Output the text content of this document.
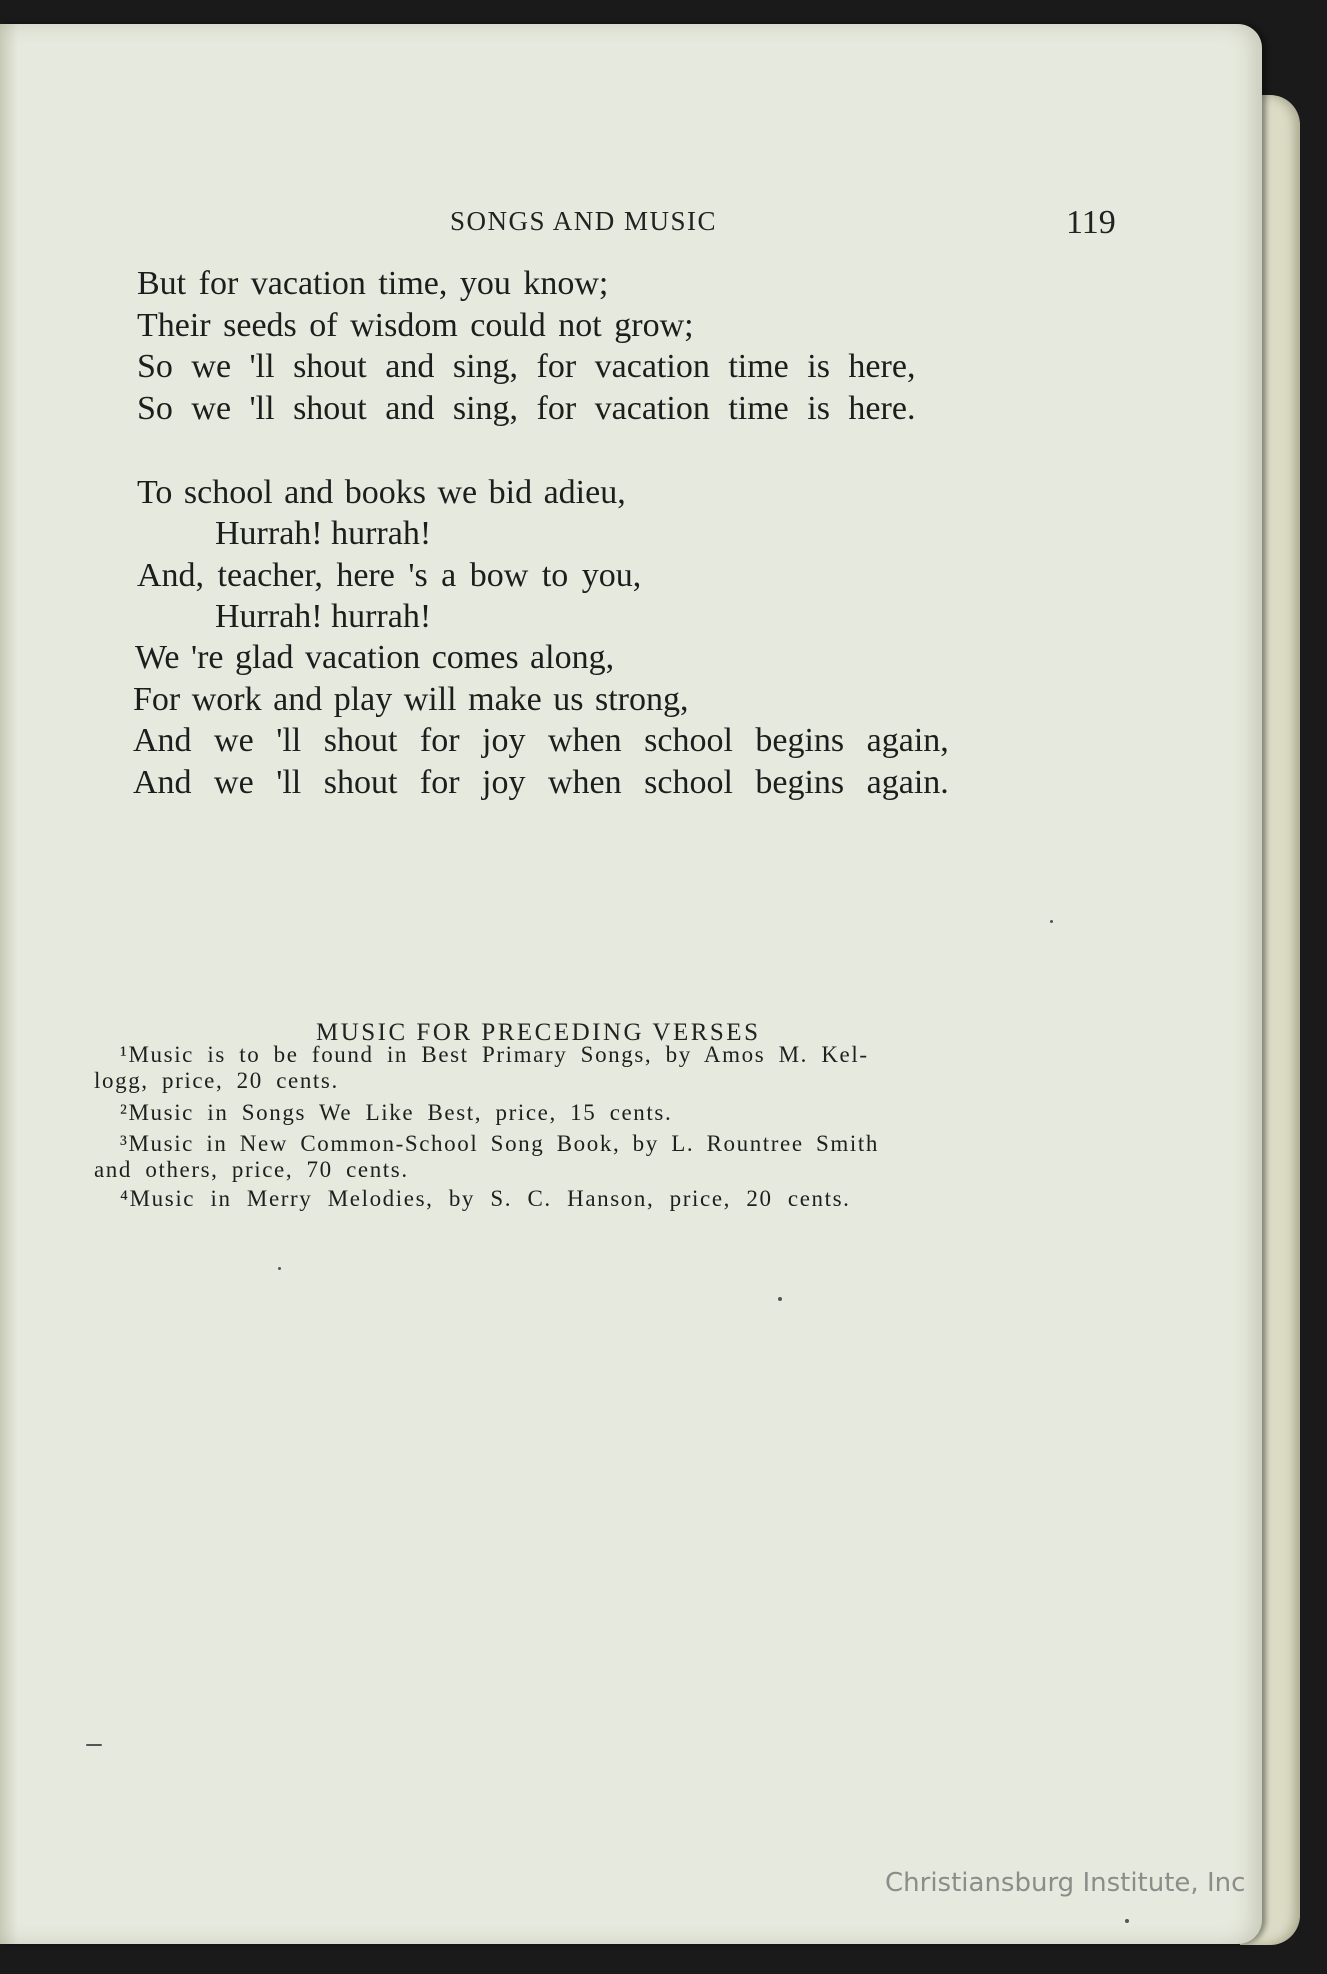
SONGS AND MUSIC	119
But for vacation time, you know;
Their seeds of wisdom could not grow;
So we 'll shout and sing, for vacation time is here,
So we 'll shout and sing, for vacation time is here.
To school and books we bid adieu,
Hurrah! hurrah!
And, teacher, here 's a bow to you,
Hurrah! hurrah!
We 're glad vacation comes along,
For work and play will make us strong,
And we 'll shout for joy when school begins again,
And we 'll shout for joy when school begins again.
MUSIC FOR PRECEDING VERSES
¹Music is to be found in Best Primary Songs, by Amos M. Kel-
logg, price, 20 cents.
²Music in Songs We Like Best, price, 15 cents.
³Music in New Common-School Song Book, by L. Rountree Smith
and others, price, 70 cents.
⁴Music in Merry Melodies, by S. C. Hanson, price, 20 cents.
Christiansburg Institute, Inc
